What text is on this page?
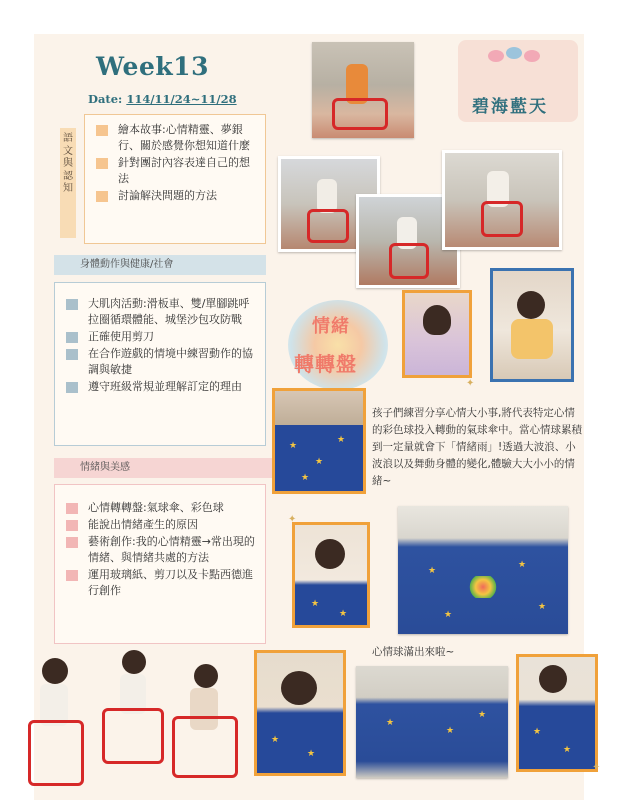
Week13
Date: 114/11/24~11/28	碧海藍天
語文與認知
繪本故事:心情精靈、夢銀行、關於感覺你想知道什麼
針對團討內容表達自己的想法
討論解決問題的方法
身體動作與健康/社會
大肌肉活動:滑板車、雙/單腳跳呼拉圈循環體能、城堡沙包攻防戰
正確使用剪刀
在合作遊戲的情境中練習動作的協調與敏捷
遵守班級常規並理解訂定的理由
情緒與美感
心情轉轉盤:氣球傘、彩色球
能說出情緒產生的原因
藝術創作:我的心情精靈→常出現的情緒、與情緒共處的方法
運用玻璃紙、剪刀以及卡點西德進行創作
✦
情緒
轉轉盤
★
★
★
★
孩子們練習分享心情大小事,將代表特定心情的彩色球投入轉動的氣球傘中。當心情球累積到一定量就會下「情緒雨」!透過大波浪、小波浪以及舞動身體的變化,體驗大大小小的情緒~
★
★
✦
★
★
★
★
心情球滿出來啦~
★
★
★
★
★
★
★
✦
